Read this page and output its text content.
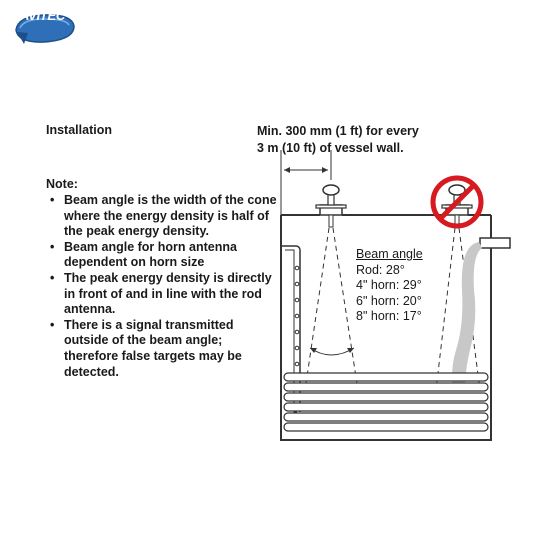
AVITEC
Installation	Min. 300 mm (1 ft) for every
3 m (10 ft) of vessel wall.
Note:
• Beam angle is the width of the cone where the energy density is half of the peak energy density.
• Beam angle for horn antenna dependent on horn size
• The peak energy density is directly in front of and in line with the rod antenna.
• There is a signal transmitted outside of the beam angle; therefore false targets may be detected.
Beam angle
Rod: 28°
4" horn: 29°
6" horn: 20°
8" horn: 17°
